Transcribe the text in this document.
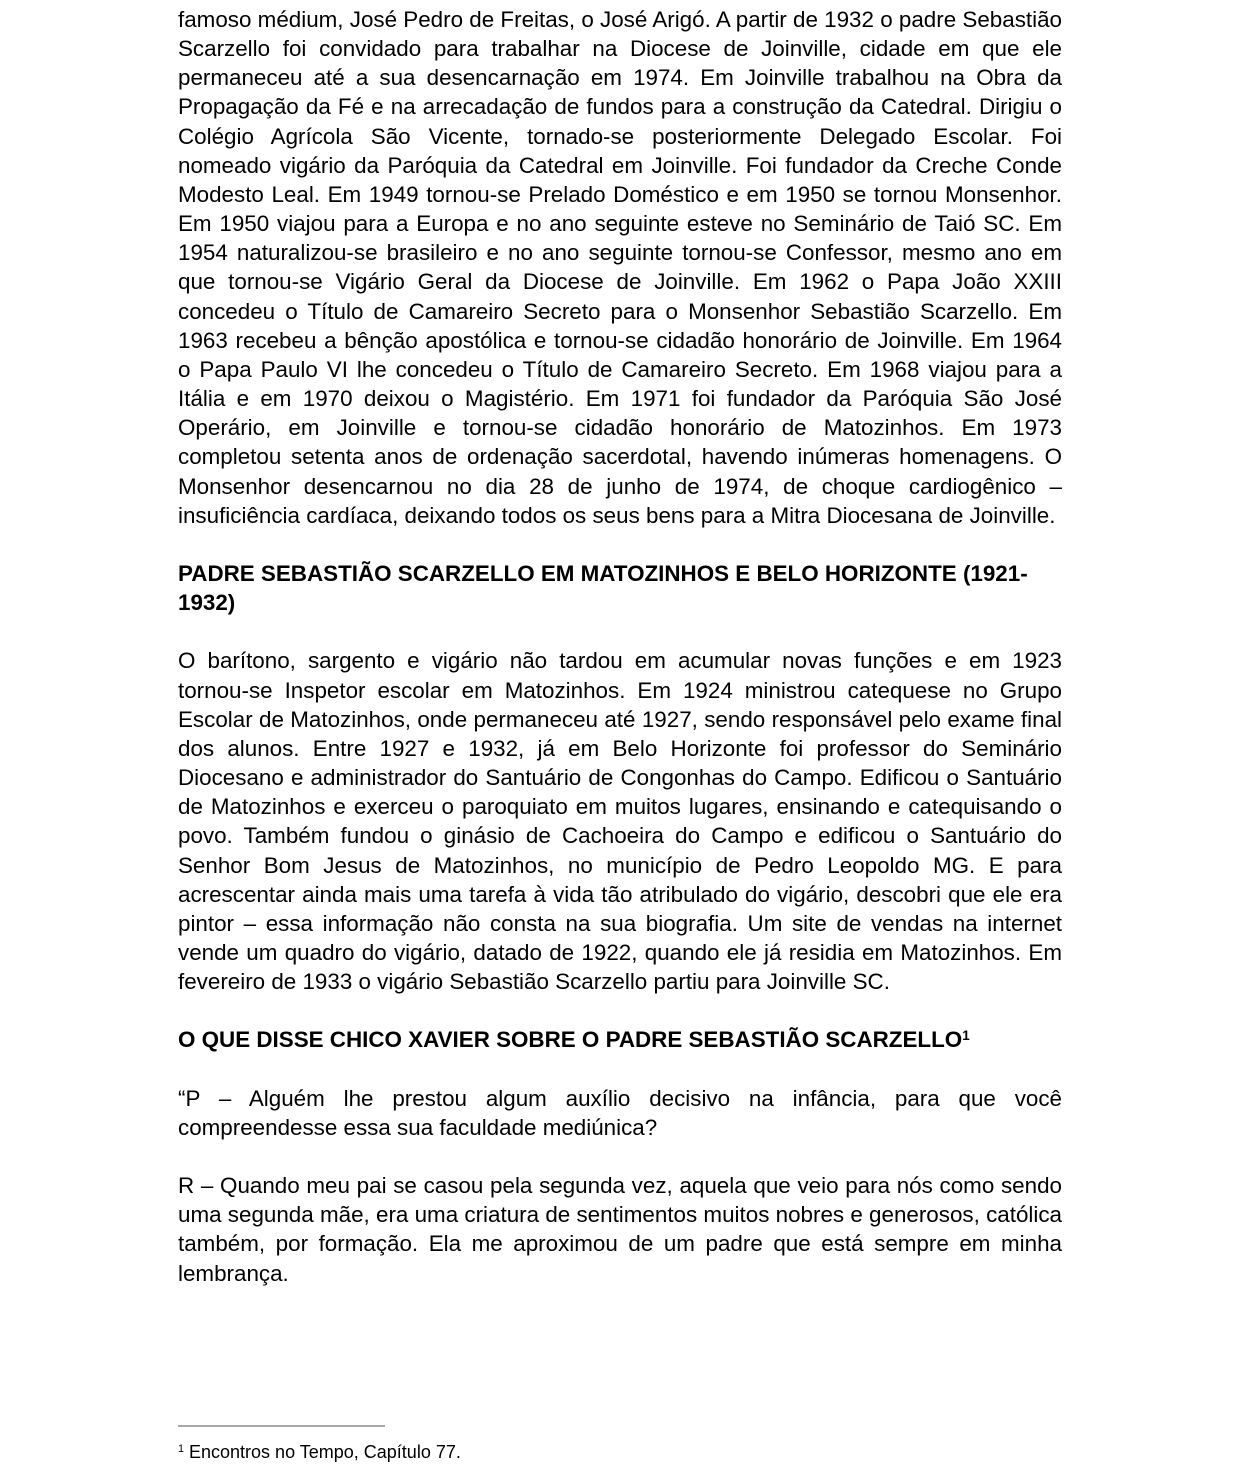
famoso médium, José Pedro de Freitas, o José Arigó. A partir de 1932 o padre Sebastião Scarzello foi convidado para trabalhar na Diocese de Joinville, cidade em que ele permaneceu até a sua desencarnação em 1974. Em Joinville trabalhou na Obra da Propagação da Fé e na arrecadação de fundos para a construção da Catedral. Dirigiu o Colégio Agrícola São Vicente, tornado-se posteriormente Delegado Escolar. Foi nomeado vigário da Paróquia da Catedral em Joinville. Foi fundador da Creche Conde Modesto Leal. Em 1949 tornou-se Prelado Doméstico e em 1950 se tornou Monsenhor. Em 1950 viajou para a Europa e no ano seguinte esteve no Seminário de Taió SC. Em 1954 naturalizou-se brasileiro e no ano seguinte tornou-se Confessor, mesmo ano em que tornou-se Vigário Geral da Diocese de Joinville. Em 1962 o Papa João XXIII concedeu o Título de Camareiro Secreto para o Monsenhor Sebastião Scarzello. Em 1963 recebeu a bênção apostólica e tornou-se cidadão honorário de Joinville. Em 1964 o Papa Paulo VI lhe concedeu o Título de Camareiro Secreto. Em 1968 viajou para a Itália e em 1970 deixou o Magistério. Em 1971 foi fundador da Paróquia São José Operário, em Joinville e tornou-se cidadão honorário de Matozinhos. Em 1973 completou setenta anos de ordenação sacerdotal, havendo inúmeras homenagens. O Monsenhor desencarnou no dia 28 de junho de 1974, de choque cardiogênico – insuficiência cardíaca, deixando todos os seus bens para a Mitra Diocesana de Joinville.

PADRE SEBASTIÃO SCARZELLO EM MATOZINHOS E BELO HORIZONTE (1921-1932)

O barítono, sargento e vigário não tardou em acumular novas funções e em 1923 tornou-se Inspetor escolar em Matozinhos. Em 1924 ministrou catequese no Grupo Escolar de Matozinhos, onde permaneceu até 1927, sendo responsável pelo exame final dos alunos. Entre 1927 e 1932, já em Belo Horizonte foi professor do Seminário Diocesano e administrador do Santuário de Congonhas do Campo. Edificou o Santuário de Matozinhos e exerceu o paroquiato em muitos lugares, ensinando e catequisando o povo. Também fundou o ginásio de Cachoeira do Campo e edificou o Santuário do Senhor Bom Jesus de Matozinhos, no município de Pedro Leopoldo MG. E para acrescentar ainda mais uma tarefa à vida tão atribulado do vigário, descobri que ele era pintor – essa informação não consta na sua biografia. Um site de vendas na internet vende um quadro do vigário, datado de 1922, quando ele já residia em Matozinhos. Em fevereiro de 1933 o vigário Sebastião Scarzello partiu para Joinville SC.

O QUE DISSE CHICO XAVIER SOBRE O PADRE SEBASTIÃO SCARZELLO$^1$

“P – Alguém lhe prestou algum auxílio decisivo na infância, para que você compreendesse essa sua faculdade mediúnica?

R – Quando meu pai se casou pela segunda vez, aquela que veio para nós como sendo uma segunda mãe, era uma criatura de sentimentos muitos nobres e generosos, católica também, por formação. Ela me aproximou de um padre que está sempre em minha lembrança.

$^1$ Encontros no Tempo, Capítulo 77.
